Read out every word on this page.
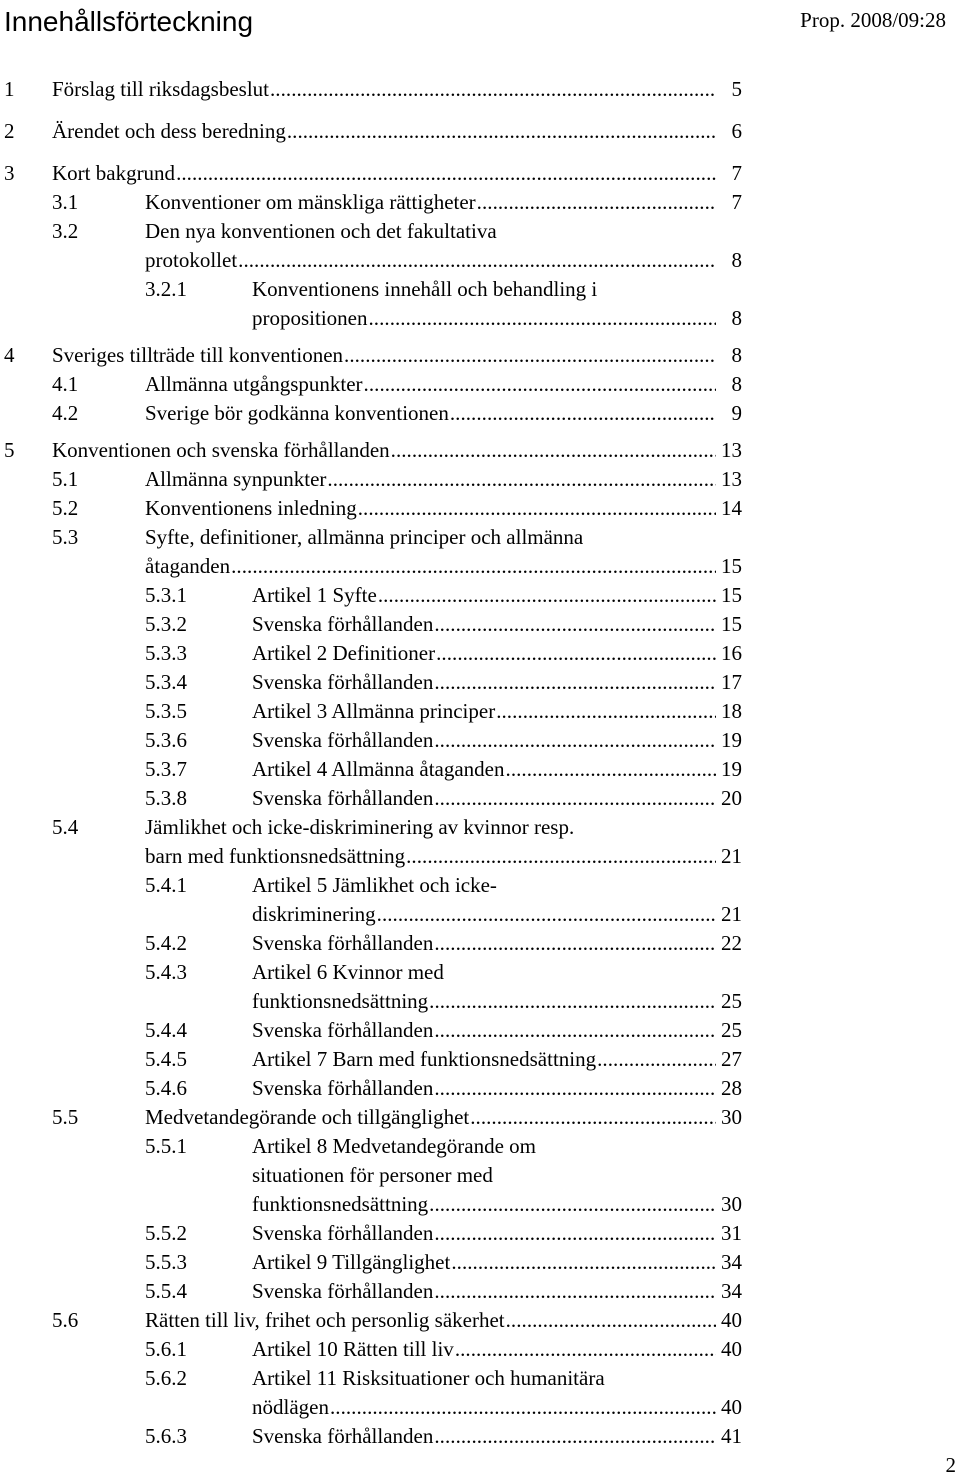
Innehållsförteckning	Prop. 2008/09:28
1 Förslag till riksdagsbeslut . . .	5
2 Ärendet och dess beredning . . .	6
3 Kort bakgrund . . .	7
3.1	Konventioner om mänskliga rättigheter . . .	7
3.2	Den nya konventionen och det fakultativa
protokollet . . .	8
3.2.1	Konventionens innehåll och behandling i
propositionen . . .	8
4 Sveriges tillträde till konventionen . . .	8
4.1	Allmänna utgångspunkter . . .	8
4.2	Sverige bör godkänna konventionen . . .	9
5 Konventionen och svenska förhållanden . . .	13
5.1	Allmänna synpunkter . . .	13
5.2	Konventionens inledning . . .	14
5.3	Syfte, definitioner, allmänna principer och allmänna
åtaganden . . .	15
5.3.1	Artikel 1 Syfte . . .	15
5.3.2	Svenska förhållanden . . .	15
5.3.3	Artikel 2 Definitioner . . .	16
5.3.4	Svenska förhållanden . . .	17
5.3.5	Artikel 3 Allmänna principer . . .	18
5.3.6	Svenska förhållanden . . .	19
5.3.7	Artikel 4 Allmänna åtaganden . . .	19
5.3.8	Svenska förhållanden . . .	20
5.4	Jämlikhet och icke-diskriminering av kvinnor resp.
barn med funktionsnedsättning . . .	21
5.4.1	Artikel 5 Jämlikhet och icke-
diskriminering . . .	21
5.4.2	Svenska förhållanden . . .	22
5.4.3	Artikel 6 Kvinnor med
funktionsnedsättning . . .	25
5.4.4	Svenska förhållanden . . .	25
5.4.5	Artikel 7 Barn med funktionsnedsättning . . .	27
5.4.6	Svenska förhållanden . . .	28
5.5	Medvetandegörande och tillgänglighet . . .	30
5.5.1	Artikel 8 Medvetandegörande om
situationen för personer med
funktionsnedsättning . . .	30
5.5.2	Svenska förhållanden . . .	31
5.5.3	Artikel 9 Tillgänglighet . . .	34
5.5.4	Svenska förhållanden . . .	34
5.6	Rätten till liv, frihet och personlig säkerhet . . .	40
5.6.1	Artikel 10 Rätten till liv . . .	40
5.6.2	Artikel 11 Risksituationer och humanitära
nödlägen . . .	40
5.6.3	Svenska förhållanden . . .	41
2
